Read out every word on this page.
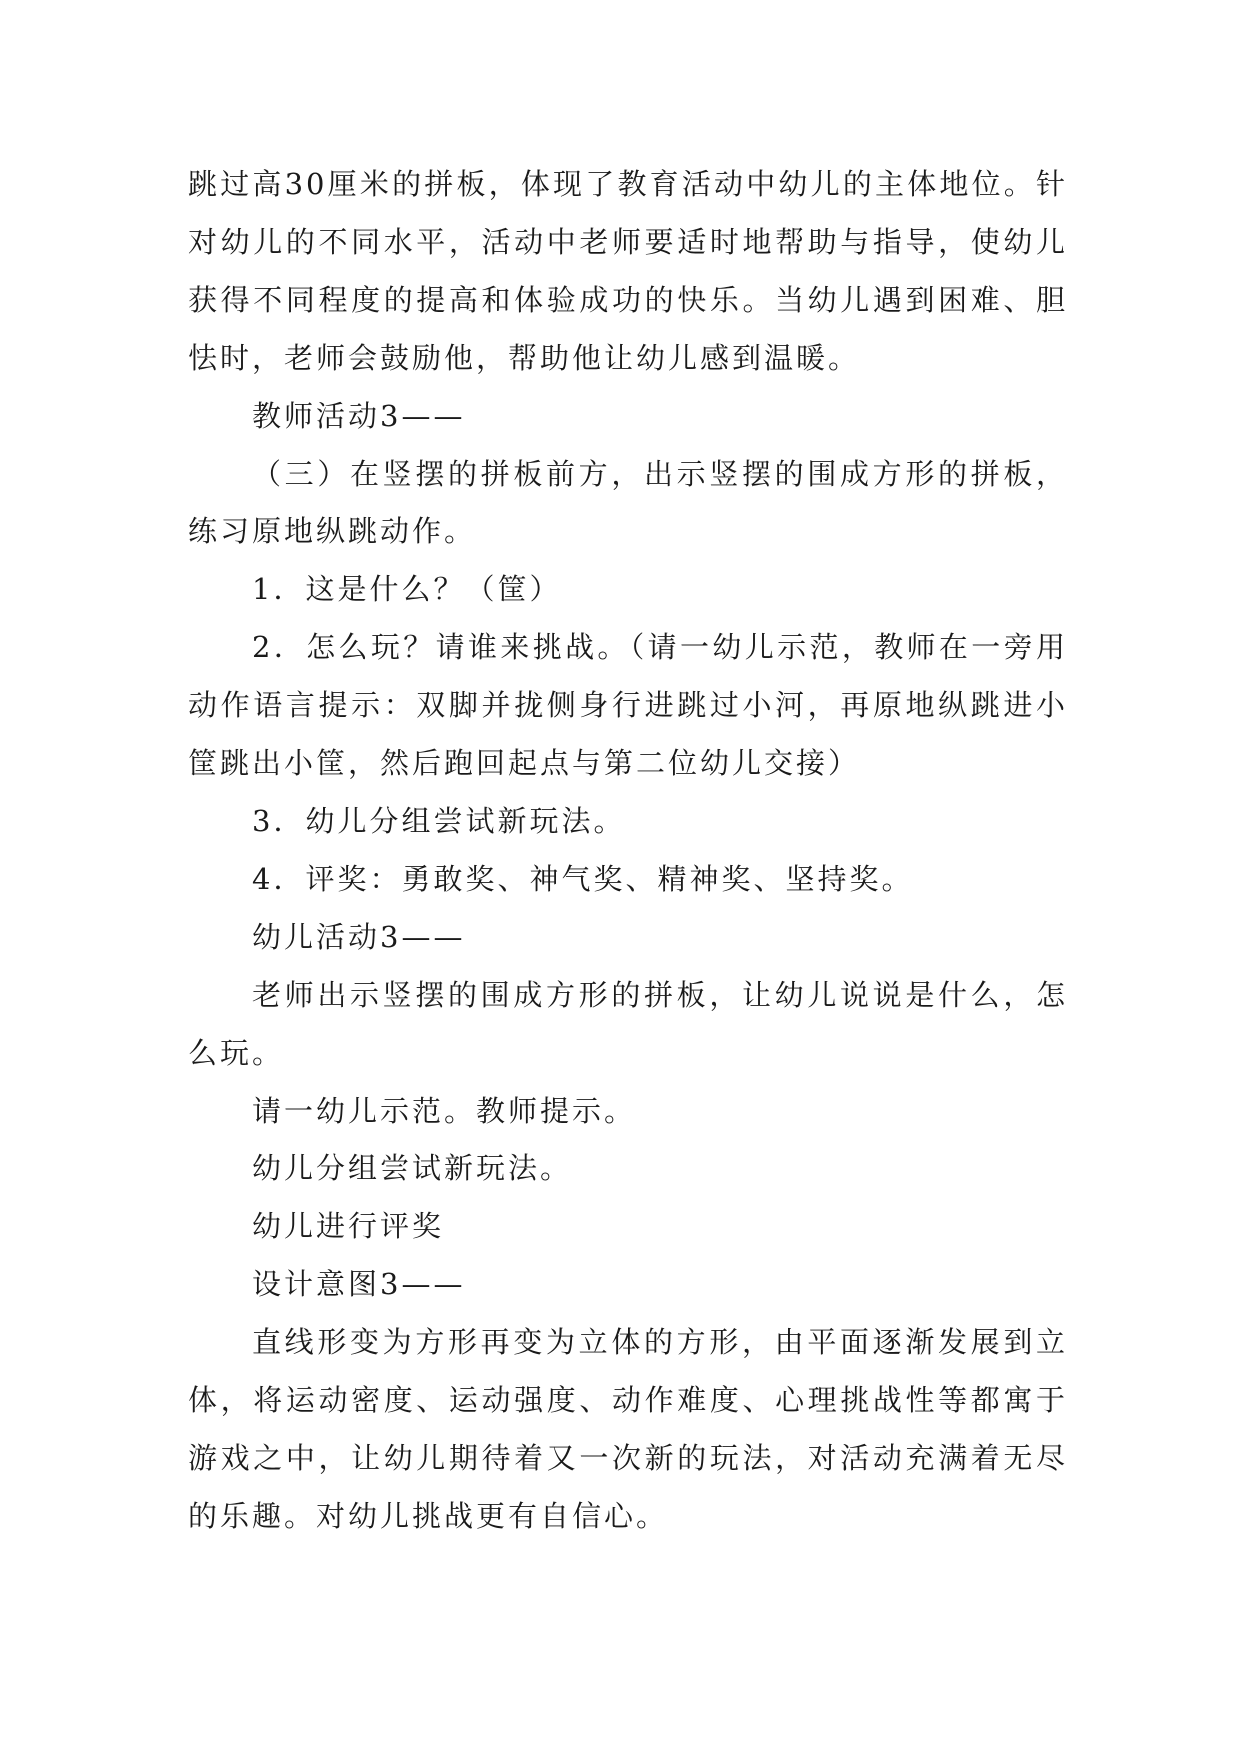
跳过高30厘米的拼板，体现了教育活动中幼儿的主体地位。针对幼儿的不同水平，活动中老师要适时地帮助与指导，使幼儿获得不同程度的提高和体验成功的快乐。当幼儿遇到困难、胆怯时，老师会鼓励他，帮助他让幼儿感到温暖。

教师活动3——

（三）在竖摆的拼板前方，出示竖摆的围成方形的拼板，练习原地纵跳动作。

1．这是什么？（筐）

2．怎么玩？请谁来挑战。（请一幼儿示范，教师在一旁用动作语言提示：双脚并拢侧身行进跳过小河，再原地纵跳进小筐跳出小筐，然后跑回起点与第二位幼儿交接）

3．幼儿分组尝试新玩法。

4．评奖：勇敢奖、神气奖、精神奖、坚持奖。

幼儿活动3——

老师出示竖摆的围成方形的拼板，让幼儿说说是什么，怎么玩。

请一幼儿示范。教师提示。

幼儿分组尝试新玩法。

幼儿进行评奖

设计意图3——

直线形变为方形再变为立体的方形，由平面逐渐发展到立体，将运动密度、运动强度、动作难度、心理挑战性等都寓于游戏之中，让幼儿期待着又一次新的玩法，对活动充满着无尽的乐趣。对幼儿挑战更有自信心。
